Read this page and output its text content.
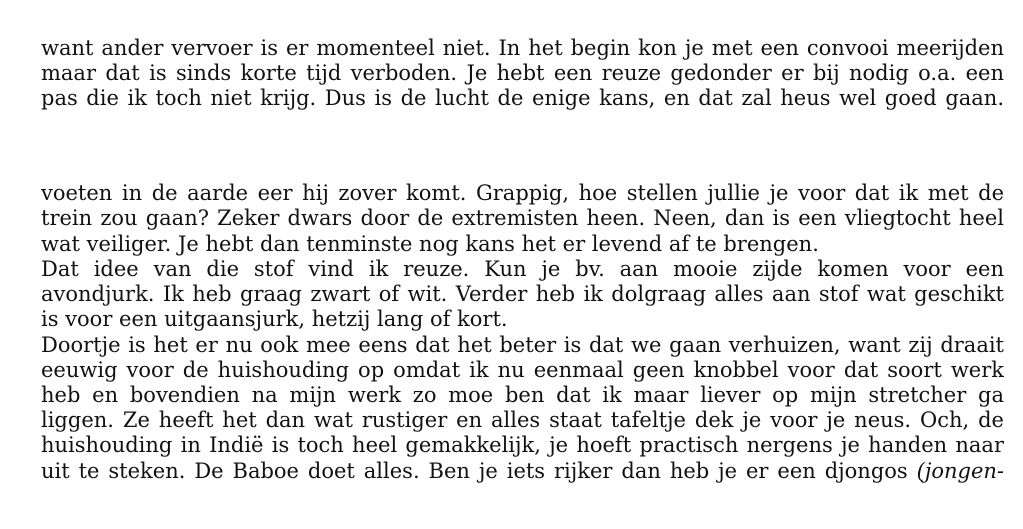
want ander vervoer is er momenteel niet. In het begin kon je met een convooi meerijden
maar dat is sinds korte tijd verboden. Je hebt een reuze gedonder er bij nodig o.a. een
pas die ik toch niet krijg. Dus is de lucht de enige kans, en dat zal heus wel goed gaan.
voeten in de aarde eer hij zover komt. Grappig, hoe stellen jullie je voor dat ik met de
trein zou gaan? Zeker dwars door de extremisten heen. Neen, dan is een vliegtocht heel
wat veiliger. Je hebt dan tenminste nog kans het er levend af te brengen.
Dat idee van die stof vind ik reuze. Kun je bv. aan mooie zijde komen voor een
avondjurk. Ik heb graag zwart of wit. Verder heb ik dolgraag alles aan stof wat geschikt
is voor een uitgaansjurk, hetzij lang of kort.
Doortje is het er nu ook mee eens dat het beter is dat we gaan verhuizen, want zij draait
eeuwig voor de huishouding op omdat ik nu eenmaal geen knobbel voor dat soort werk
heb en bovendien na mijn werk zo moe ben dat ik maar liever op mijn stretcher ga
liggen. Ze heeft het dan wat rustiger en alles staat tafeltje dek je voor je neus. Och, de
huishouding in Indië is toch heel gemakkelijk, je hoeft practisch nergens je handen naar
uit te steken. De Baboe doet alles. Ben je iets rijker dan heb je er een djongos (jongen-
